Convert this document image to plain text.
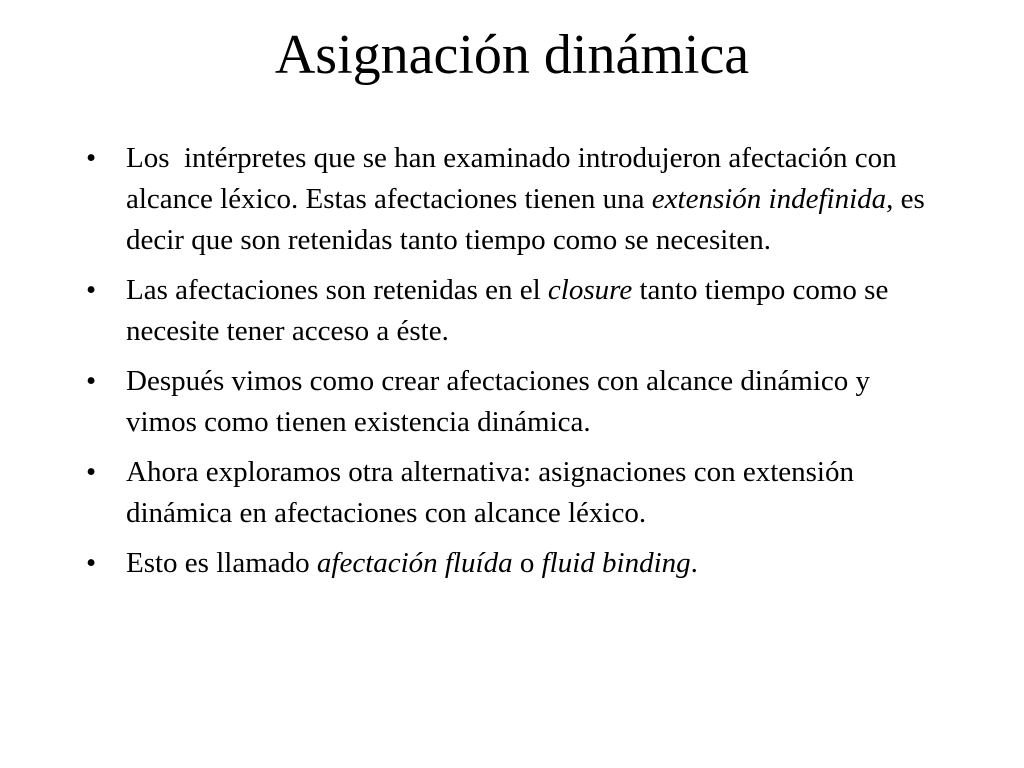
Asignación dinámica
• Los  intérpretes que se han examinado introdujeron afectación con alcance léxico. Estas afectaciones tienen una extensión indefinida, es decir que son retenidas tanto tiempo como se necesiten.
• Las afectaciones son retenidas en el closure tanto tiempo como se necesite tener acceso a éste.
• Después vimos como crear afectaciones con alcance dinámico y vimos como tienen existencia dinámica.
• Ahora exploramos otra alternativa: asignaciones con extensión dinámica en afectaciones con alcance léxico.
• Esto es llamado afectación fluída o fluid binding.
